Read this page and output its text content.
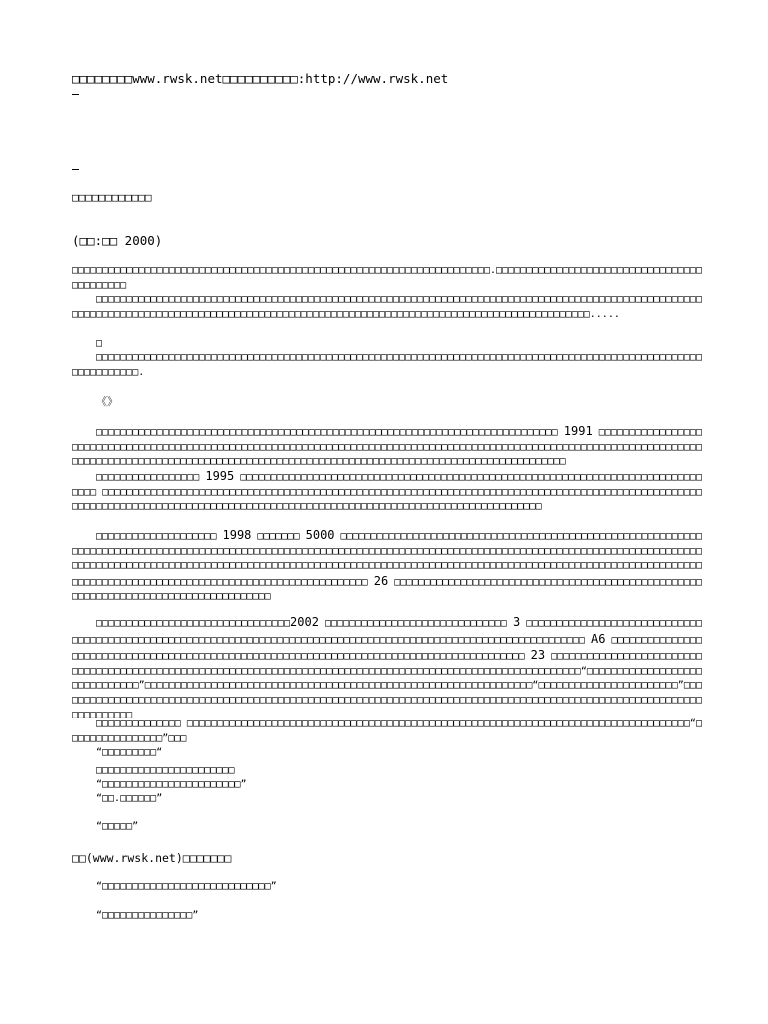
□□□□□□□□www.rwsk.net□□□□□□□□□□:http://www.rwsk.net
□□□□□□□□□□□□
(□□:□□ 2000)
□□□□□□□□□□□□□□□□□□□□□□□□□□□□□□□□□□□□□□□□□□□□□□□□□□□□□□□□□□□□□□□□□□□□□.□□□□□□□□□□□□□□□□□□□□□□□□□□□□□□□□□□□□□□□□□□□
□□□□□□□□□□□□□□□□□□□□□□□□□□□□□□□□□□□□□□□□□□□□□□□□□□□□□□□□□□□□□□□□□□□□□□□□□□□□□□□□□□□□□□□□□□□□□□□□□□□□□□□□□□□□□□□□□□□□□□□□□□□□□□□□□□□□□□□□□□□□□□□□□□□□□□□□□□□□□□□□□□□□□□□□□□□□□□□□□□□□□□□□□□.....
□
□□□□□□□□□□□□□□□□□□□□□□□□□□□□□□□□□□□□□□□□□□□□□□□□□□□□□□□□□□□□□□□□□□□□□□□□□□□□□□□□□□□□□□□□□□□□□□□□□□□□□□□□□□□□□□□.
《》
□□□□□□□□□□□□□□□□□□□□□□□□□□□□□□□□□□□□□□□□□□□□□□□□□□□□□□□□□□□□□□□□□□□□□□□□□□□□ 1991 □□□□□□□□□□□□□□□□□□□□□□□□□□□□□□□□□□□□□□□□□□□□□□□□□□□□□□□□□□□□□□□□□□□□□□□□□□□□□□□□□□□□□□□□□□□□□□□□□□□□□□□□□□□□□□□□□□□□□□□□□□□□□□□□□□□□□□□□□□□□□□□□□□□□□□□□□□□□□□□□□□□□□□□□□□□□□□□□□□□□□□□□□□□□□□□□□□□□□□□□□□□
□□□□□□□□□□□□□□□□□ 1995 □□□□□□□□□□□□□□□□□□□□□□□□□□□□□□□□□□□□□□□□□□□□□□□□□□□□□□□□□□□□□□□□□□□□□□□□□□□□□□□□ □□□□□□□□□□□□□□□□□□□□□□□□□□□□□□□□□□□□□□□□□□□□□□□□□□□□□□□□□□□□□□□□□□□□□□□□□□□□□□□□□□□□□□□□□□□□□□□□□□□□□□□□□□□□□□□□□□□□□□□□□□□□□□□□□□□□□□□□□□□□□□□□□□□□□□□□□□□□□□□□□□□□□□□□□□□□□□□□□
□□□□□□□□□□□□□□□□□□□□ 1998 □□□□□□□ 5000 □□□□□□□□□□□□□□□□□□□□□□□□□□□□□□□□□□□□□□□□□□□□□□□□□□□□□□□□□□□□□□□□□□□□□□□□□□□□□□□□□□□□□□□□□□□□□□□□□□□□□□□□□□□□□□□□□□□□□□□□□□□□□□□□□□□□□□□□□□□□□□□□□□□□□□□□□□□□□□□□□□□□□□□□□□□□□□□□□□□□□□□□□□□□□□□□□□□□□□□□□□□□□□□□□□□□□□□□□□□□□□□□□□□□□□□□□□□□□□□□□□□□□□□□□□□□□□□□□□□□□□□□□□□□□□□□□□□□□□□□□□□□□□□□□□□□□□□□□□□□□□□□□□□□□□□□□□□□□ 26 □□□□□□□□□□□□□□□□□□□□□□□□□□□□□□□□□□□□□□□□□□□□□□□□□□□□□□□□□□□□□□□□□□□□□□□□□□□□□□□□□□□□
□□□□□□□□□□□□□□□□□□□□□□□□□□□□□□□□2002 □□□□□□□□□□□□□□□□□□□□□□□□□□□□□□ 3 □□□□□□□□□□□□□□□□□□□□□□□□□□□□□□□□□□□□□□□□□□□□□□□□□□□□□□□□□□□□□□□□□□□□□□□□□□□□□□□□□□□□□□□□□□□□□□□□□□□□□□□□□□□□□□□□□□ A6 □□□□□□□□□□□□□□□□□□□□□□□□□□□□□□□□□□□□□□□□□□□□□□□□□□□□□□□□□□□□□□□□□□□□□□□□□□□□□□□□□□□□□□□□□□ 23 □□□□□□□□□□□□□□□□□□□□□□□□□□□□□□□□□□□□□□□□□□□□□□□□□□□□□□□□□□□□□□□□□□□□□□□□□□□□□□□□□□□□□□□□□□□□□□□□□□□□□□□□□□□□□“□□□□□□□□□□□□□□□□□□□□□□□□□□□□□□”□□□□□□□□□□□□□□□□□□□□□□□□□□□□□□□□□□□□□□□□□□□□□□□□□□□□□□□□□□□□□□□□“□□□□□□□□□□□□□□□□□□□□□□□”□□□□□□□□□□□□□□□□□□□□□□□□□□□□□□□□□□□□□□□□□□□□□□□□□□□□□□□□□□□□□□□□□□□□□□□□□□□□□□□□□□□□□□□□□□□□□□□□□□□□□□□□□□□□□□□□□□□□□
□□□□□□□□□□□□□□ □□□□□□□□□□□□□□□□□□□□□□□□□□□□□□□□□□□□□□□□□□□□□□□□□□□□□□□□□□□□□□□□□□□□□□□□□□□□□□□□□□□“□□□□□□□□□□□□□□□□”□□□
“□□□□□□□□□“
□□□□□□□□□□□□□□□□□□□□□□□
“□□□□□□□□□□□□□□□□□□□□□□□”
“□□.□□□□□□”
“□□□□□”
□□(www.rwsk.net)□□□□□□□
“□□□□□□□□□□□□□□□□□□□□□□□□□□□□”
“□□□□□□□□□□□□□□□”
